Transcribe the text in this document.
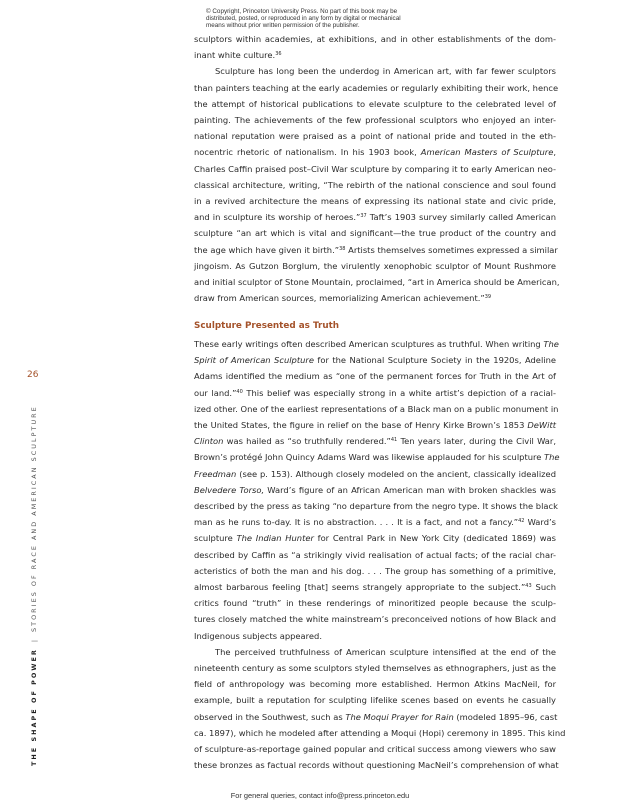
© Copyright, Princeton University Press. No part of this book may be
distributed, posted, or reproduced in any form by digital or mechanical
means without prior written permission of the publisher.

sculptors within academies, at exhibitions, and in other establishments of the dom-
inant white culture.$^{36}$

Sculpture has long been the underdog in American art, with far fewer sculptors
than painters teaching at the early academies or regularly exhibiting their work, hence
the attempt of historical publications to elevate sculpture to the celebrated level of
painting. The achievements of the few professional sculptors who enjoyed an inter-
national reputation were praised as a point of national pride and touted in the eth-
nocentric rhetoric of nationalism. In his 1903 book, American Masters of Sculpture,
Charles Caffin praised post–Civil War sculpture by comparing it to early American neo-
classical architecture, writing, “The rebirth of the national conscience and soul found
in a revived architecture the means of expressing its national state and civic pride,
and in sculpture its worship of heroes.”$^{37}$ Taft’s 1903 survey similarly called American
sculpture “an art which is vital and significant—the true product of the country and
the age which have given it birth.”$^{38}$ Artists themselves sometimes expressed a similar
jingoism. As Gutzon Borglum, the virulently xenophobic sculptor of Mount Rushmore
and initial sculptor of Stone Mountain, proclaimed, “art in America should be American,
draw from American sources, memorializing American achievement.”$^{39}$

Sculpture Presented as Truth

These early writings often described American sculptures as truthful. When writing The
Spirit of American Sculpture for the National Sculpture Society in the 1920s, Adeline
Adams identified the medium as “one of the permanent forces for Truth in the Art of
our land.”$^{40}$ This belief was especially strong in a white artist’s depiction of a racial-
ized other. One of the earliest representations of a Black man on a public monument in
the United States, the figure in relief on the base of Henry Kirke Brown’s 1853 DeWitt
Clinton was hailed as “so truthfully rendered.”$^{41}$ Ten years later, during the Civil War,
Brown’s protégé John Quincy Adams Ward was likewise applauded for his sculpture The
Freedman (see p. 153). Although closely modeled on the ancient, classically idealized
Belvedere Torso, Ward’s figure of an African American man with broken shackles was
described by the press as taking “no departure from the negro type. It shows the black
man as he runs to-day. It is no abstraction. . . . It is a fact, and not a fancy.”$^{42}$ Ward’s
sculpture The Indian Hunter for Central Park in New York City (dedicated 1869) was
described by Caffin as “a strikingly vivid realisation of actual facts; of the racial char-
acteristics of both the man and his dog. . . . The group has something of a primitive,
almost barbarous feeling [that] seems strangely appropriate to the subject.”$^{43}$ Such
critics found “truth” in these renderings of minoritized people because the sculp-
tures closely matched the white mainstream’s preconceived notions of how Black and
Indigenous subjects appeared.

The perceived truthfulness of American sculpture intensified at the end of the
nineteenth century as some sculptors styled themselves as ethnographers, just as the
field of anthropology was becoming more established. Hermon Atkins MacNeil, for
example, built a reputation for sculpting lifelike scenes based on events he casually
observed in the Southwest, such as The Moqui Prayer for Rain (modeled 1895–96, cast
ca. 1897), which he modeled after attending a Moqui (Hopi) ceremony in 1895. This kind
of sculpture-as-reportage gained popular and critical success among viewers who saw
these bronzes as factual records without questioning MacNeil’s comprehension of what

26
THE SHAPE OF POWER|STORIES OF RACE AND AMERICAN SCULPTURE
For general queries, contact info@press.princeton.edu
